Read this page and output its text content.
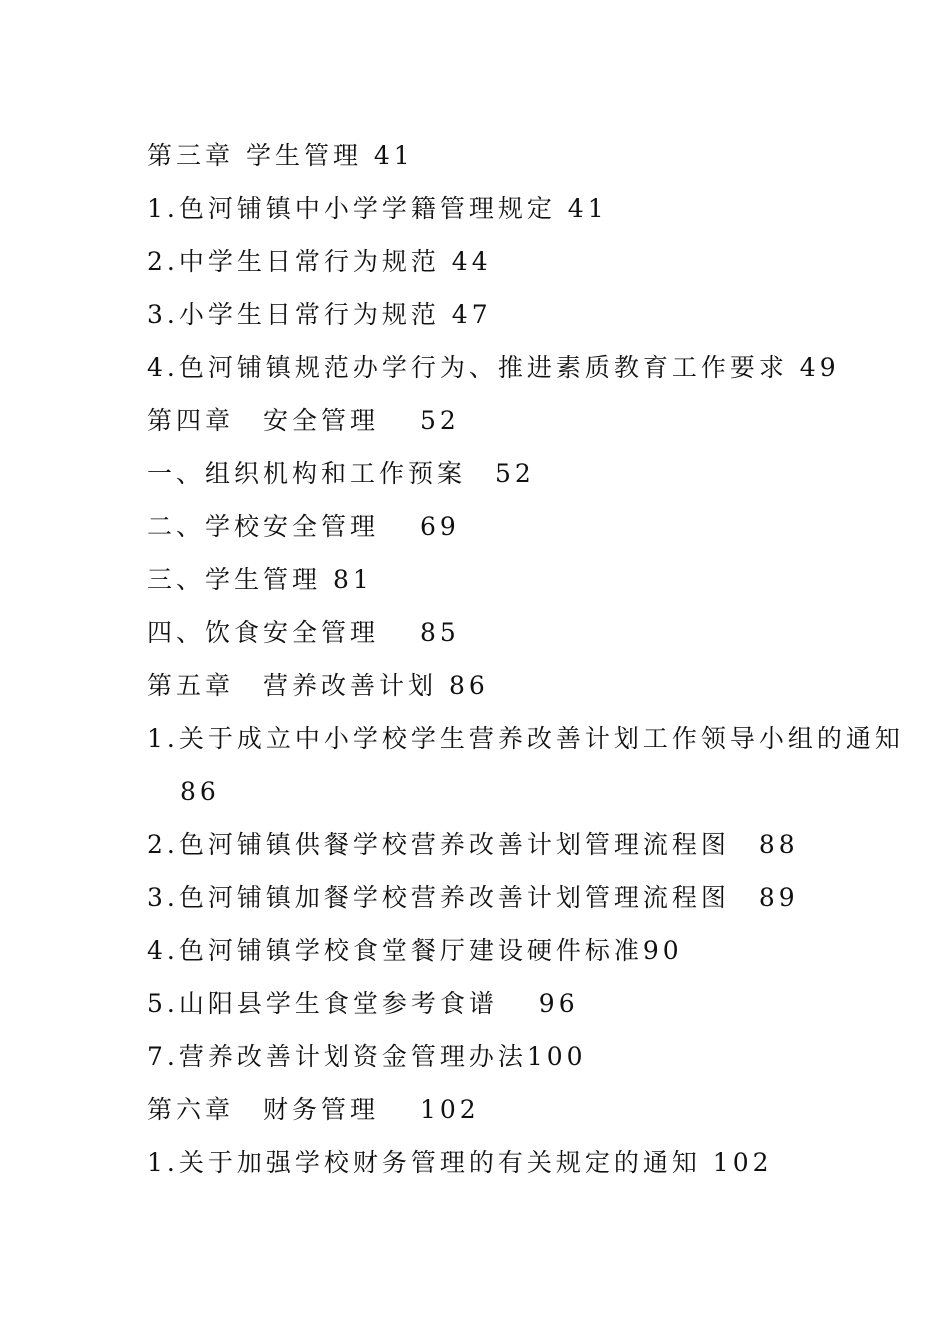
第三章 学生管理 41
1.色河铺镇中小学学籍管理规定 41
2.中学生日常行为规范 44
3.小学生日常行为规范 47
4.色河铺镇规范办学行为、推进素质教育工作要求 49
第四章　安全管理　 52
一、组织机构和工作预案　52
二、学校安全管理　 69
三、学生管理 81
四、饮食安全管理　 85
第五章　营养改善计划 86
1.关于成立中小学校学生营养改善计划工作领导小组的通知
86
2.色河铺镇供餐学校营养改善计划管理流程图　88
3.色河铺镇加餐学校营养改善计划管理流程图　89
4.色河铺镇学校食堂餐厅建设硬件标准90
5.山阳县学生食堂参考食谱　 96
7.营养改善计划资金管理办法100
第六章　财务管理　 102
1.关于加强学校财务管理的有关规定的通知 102
